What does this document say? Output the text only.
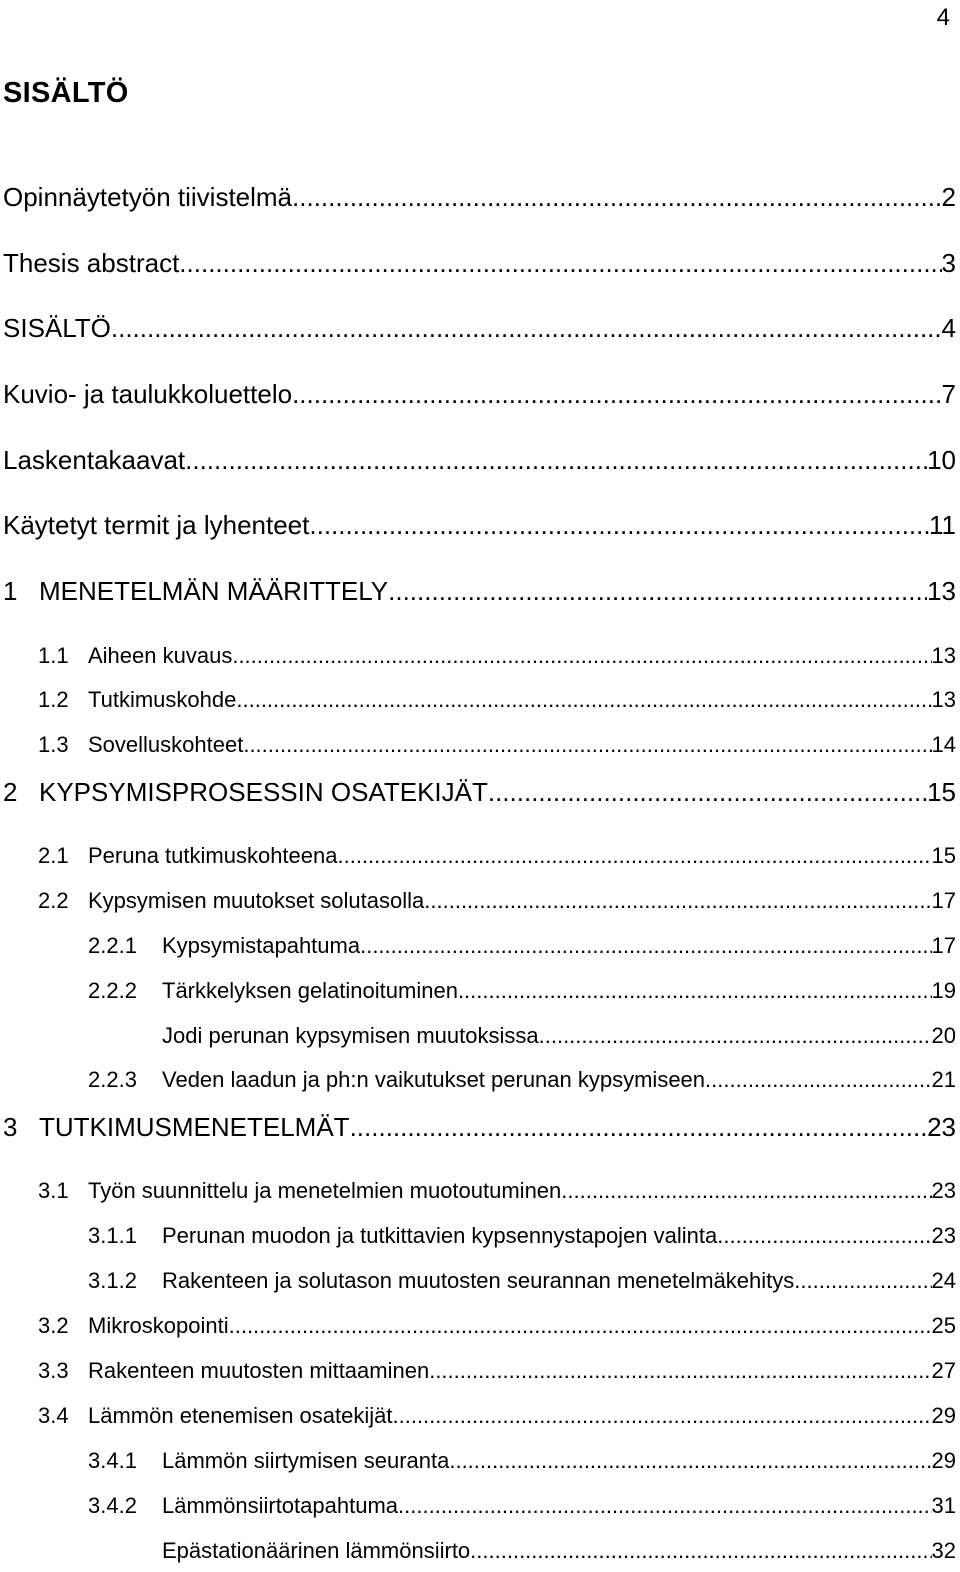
4
SISÄLTÖ
Opinnäytetyön tiivistelmä .....	2
Thesis abstract .....	3
SISÄLTÖ .....	4
Kuvio- ja taulukkoluettelo .....	7
Laskentakaavat .....	10
Käytetyt termit ja lyhenteet .....	11
1 MENETELMÄN MÄÄRITTELY .....	13
1.1 Aiheen kuvaus .....	13
1.2 Tutkimuskohde .....	13
1.3 Sovelluskohteet .....	14
2 KYPSYMISPROSESSIN OSATEKIJÄT .....	15
2.1 Peruna tutkimuskohteena .....	15
2.2 Kypsymisen muutokset solutasolla .....	17
2.2.1	Kypsymistapahtuma .....	17
2.2.2	Tärkkelyksen gelatinoituminen .....	19
Jodi perunan kypsymisen muutoksissa .....	20
2.2.3	Veden laadun ja ph:n vaikutukset perunan kypsymiseen .....	21
3 TUTKIMUSMENETELMÄT .....	23
3.1 Työn suunnittelu ja menetelmien muotoutuminen .....	23
3.1.1	Perunan muodon ja tutkittavien kypsennystapojen valinta .....	23
3.1.2	Rakenteen ja solutason muutosten seurannan menetelmäkehitys .....	24
3.2 Mikroskopointi .....	25
3.3 Rakenteen muutosten mittaaminen .....	27
3.4 Lämmön etenemisen osatekijät .....	29
3.4.1	Lämmön siirtymisen seuranta .....	29
3.4.2	Lämmönsiirtotapahtuma .....	31
Epästationäärinen lämmönsiirto .....	32
